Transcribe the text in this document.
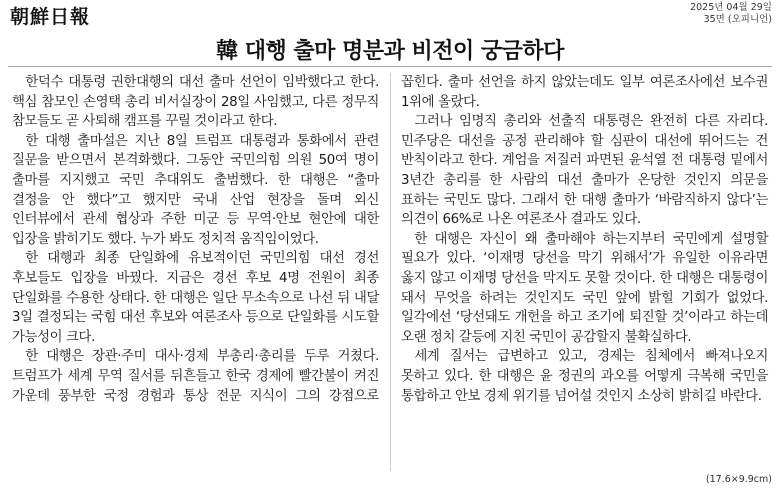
朝鮮日報	2025년 04월 29일
35면 (오피니언)
韓 대행 출마 명분과 비전이 궁금하다

한덕수 대통령 권한대행의 대선 출마 선언이 임박했다고 한다. 핵심 참모인 손영택 총리 비서실장이 28일 사임했고, 다른 정무직 참모들도 곧 사퇴해 캠프를 꾸릴 것이라고 한다.

한 대행 출마설은 지난 8일 트럼프 대통령과 통화에서 관련 질문을 받으면서 본격화했다. 그동안 국민의힘 의원 50여 명이 출마를 지지했고 국민 추대위도 출범했다. 한 대행은 “출마 결정을 안 했다”고 했지만 국내 산업 현장을 돌며 외신 인터뷰에서 관세 협상과 주한 미군 등 무역·안보 현안에 대한 입장을 밝히기도 했다. 누가 봐도 정치적 움직임이었다.

한 대행과 최종 단일화에 유보적이던 국민의힘 대선 경선 후보들도 입장을 바꿨다. 지금은 경선 후보 4명 전원이 최종 단일화를 수용한 상태다. 한 대행은 일단 무소속으로 나선 뒤 내달 3일 결정되는 국힘 대선 후보와 여론조사 등으로 단일화를 시도할 가능성이 크다.

한 대행은 장관·주미 대사·경제 부총리·총리를 두루 거쳤다. 트럼프가 세계 무역 질서를 뒤흔들고 한국 경제에 빨간불이 켜진 가운데 풍부한 국정 경험과 통상 전문 지식이 그의 강점으로 꼽힌다. 출마 선언을 하지 않았는데도 일부 여론조사에선 보수권 1위에 올랐다.

그러나 임명직 총리와 선출직 대통령은 완전히 다른 자리다. 민주당은 대선을 공정 관리해야 할 심판이 대선에 뛰어드는 건 반칙이라고 한다. 계엄을 저질러 파면된 윤석열 전 대통령 밑에서 3년간 총리를 한 사람의 대선 출마가 온당한 것인지 의문을 표하는 국민도 많다. 그래서 한 대행 출마가 ‘바람직하지 않다’는 의견이 66%로 나온 여론조사 결과도 있다.

한 대행은 자신이 왜 출마해야 하는지부터 국민에게 설명할 필요가 있다. ‘이재명 당선을 막기 위해서’가 유일한 이유라면 옳지 않고 이재명 당선을 막지도 못할 것이다. 한 대행은 대통령이 돼서 무엇을 하려는 것인지도 국민 앞에 밝힐 기회가 없었다. 일각에선 ‘당선돼도 개헌을 하고 조기에 퇴진할 것’이라고 하는데 오랜 정치 갈등에 지친 국민이 공감할지 불확실하다.

세계 질서는 급변하고 있고, 경제는 침체에서 빠져나오지 못하고 있다. 한 대행은 윤 정권의 과오를 어떻게 극복해 국민을 통합하고 안보 경제 위기를 넘어설 것인지 소상히 밝히길 바란다.

(17.6×9.9cm)
